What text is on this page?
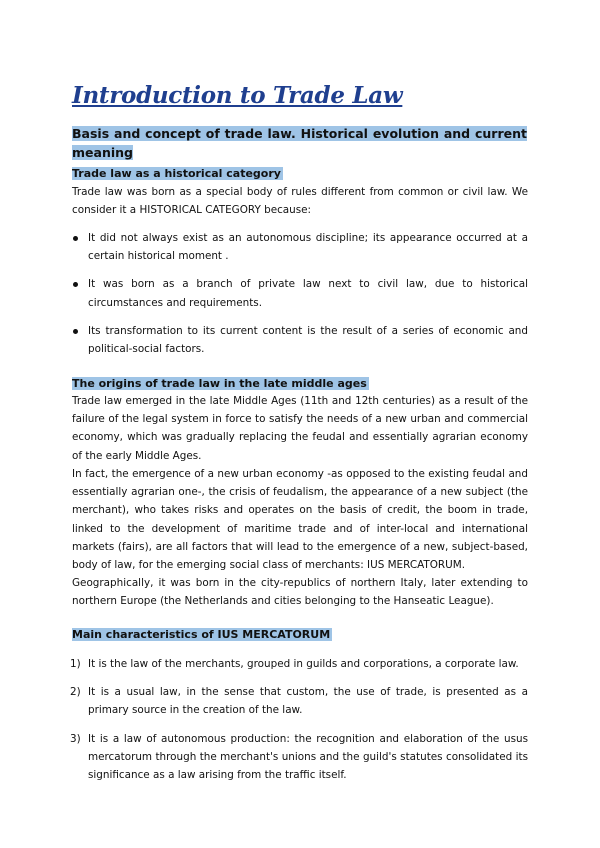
Introduction to Trade Law

Basis and concept of trade law. Historical evolution and current meaning

Trade law as a historical category

Trade law was born as a special body of rules different from common or civil law. We consider it a HISTORICAL CATEGORY because:

It did not always exist as an autonomous discipline; its appearance occurred at a certain historical moment .
It was born as a branch of private law next to civil law, due to historical circumstances and requirements.
Its transformation to its current content is the result of a series of economic and political-social factors.

The origins of trade law in the late middle ages

Trade law emerged in the late Middle Ages (11th and 12th centuries) as a result of the failure of the legal system in force to satisfy the needs of a new urban and commercial economy, which was gradually replacing the feudal and essentially agrarian economy of the early Middle Ages.

In fact, the emergence of a new urban economy -as opposed to the existing feudal and essentially agrarian one-, the crisis of feudalism, the appearance of a new subject (the merchant), who takes risks and operates on the basis of credit, the boom in trade, linked to the development of maritime trade and of inter-local and international markets (fairs), are all factors that will lead to the emergence of a new, subject-based, body of law, for the emerging social class of merchants: IUS MERCATORUM.

Geographically, it was born in the city-republics of northern Italy, later extending to northern Europe (the Netherlands and cities belonging to the Hanseatic League).

Main characteristics of IUS MERCATORUM

1) It is the law of the merchants, grouped in guilds and corporations, a corporate law.
2) It is a usual law, in the sense that custom, the use of trade, is presented as a primary source in the creation of the law.
3) It is a law of autonomous production: the recognition and elaboration of the usus mercatorum through the merchant's unions and the guild's statutes consolidated its significance as a law arising from the traffic itself.
